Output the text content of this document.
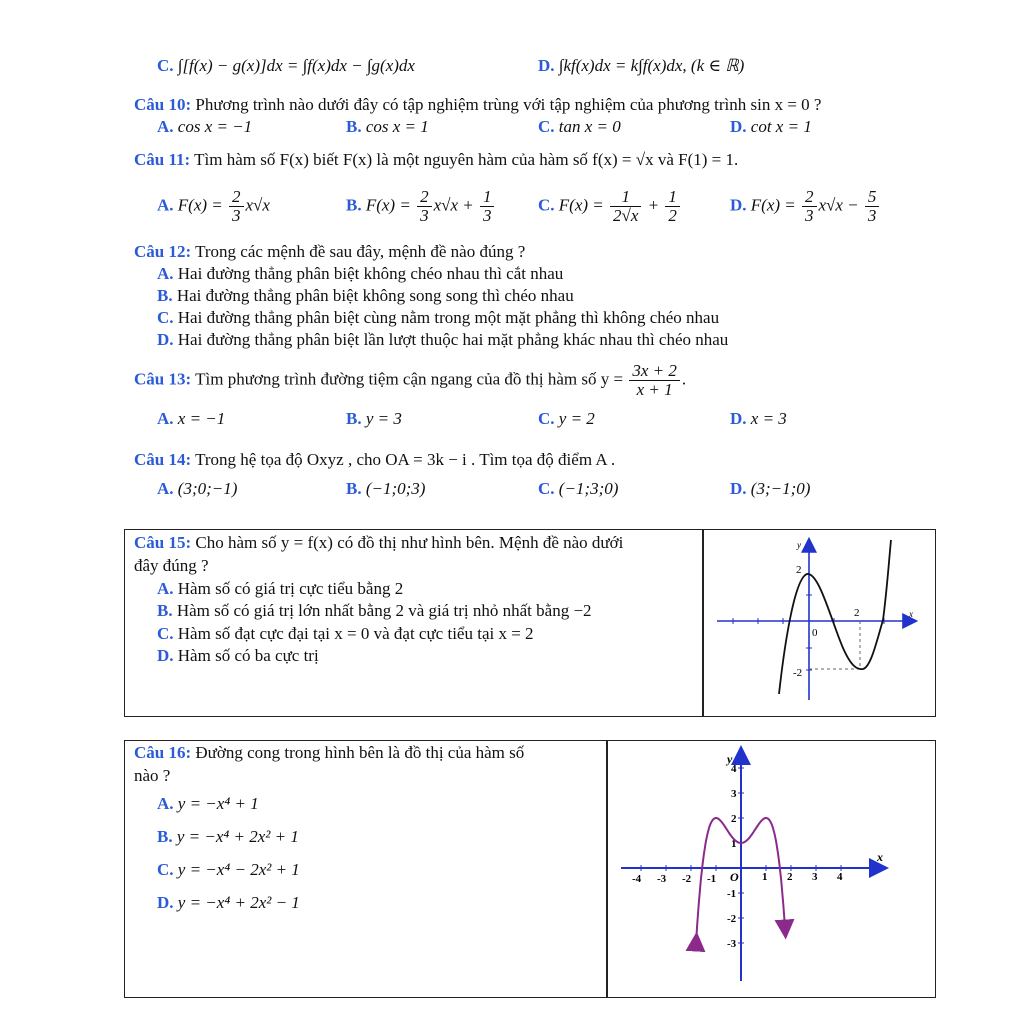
C. ∫[f(x) − g(x)]dx = ∫f(x)dx − ∫g(x)dx	D. ∫kf(x)dx = k∫f(x)dx, (k ∈ ℝ)
Câu 10: Phương trình nào dưới đây có tập nghiệm trùng với tập nghiệm của phương trình sin x = 0 ?
A. cos x = −1	B. cos x = 1	C. tan x = 0	D. cot x = 1
Câu 11: Tìm hàm số F(x) biết F(x) là một nguyên hàm của hàm số f(x) = √x và F(1) = 1.
A. $F(x) = \frac{2}{3} x√x$	B. $F(x) = \frac{2}{3} x√x + \frac{1}{3}$	C. $F(x) = \frac{1}{2√x} + \frac{1}{2}$	D. $F(x) = \frac{2}{3} x√x - \frac{5}{3}$
Câu 12: Trong các mệnh đề sau đây, mệnh đề nào đúng ?
A. Hai đường thẳng phân biệt không chéo nhau thì cắt nhau
B. Hai đường thẳng phân biệt không song song thì chéo nhau
C. Hai đường thẳng phân biệt cùng nằm trong một mặt phẳng thì không chéo nhau
D. Hai đường thẳng phân biệt lần lượt thuộc hai mặt phẳng khác nhau thì chéo nhau
Câu 13: Tìm phương trình đường tiệm cận ngang của đồ thị hàm số $y = \frac{3x + 2}{x + 1}$ .
A. x = −1	B. y = 3	C. y = 2	D. x = 3
Câu 14: Trong hệ tọa độ Oxyz , cho OA = 3k − i . Tìm tọa độ điểm A .
A. (3;0;−1)	B. (−1;0;3)	C. (−1;3;0)	D. (3;−1;0)
Câu 15: Cho hàm số y = f(x) có đồ thị như hình bên. Mệnh đề nào dưới
đây đúng ?
A. Hàm số có giá trị cực tiểu bằng 2
B. Hàm số có giá trị lớn nhất bằng 2 và giá trị nhỏ nhất bằng −2
C. Hàm số đạt cực đại tại x = 0 và đạt cực tiểu tại x = 2
D. Hàm số có ba cực trị
y
x
2
2
0
-2
Câu 16: Đường cong trong hình bên là đồ thị của hàm số
nào ?
A. y = −x⁴ + 1
B. y = −x⁴ + 2x² + 1
C. y = −x⁴ − 2x² + 1
D. y = −x⁴ + 2x² − 1
-4 -3 -2 -1	1 2 3 4
4
3
2
1
-1
-2
-3
y
x
O
